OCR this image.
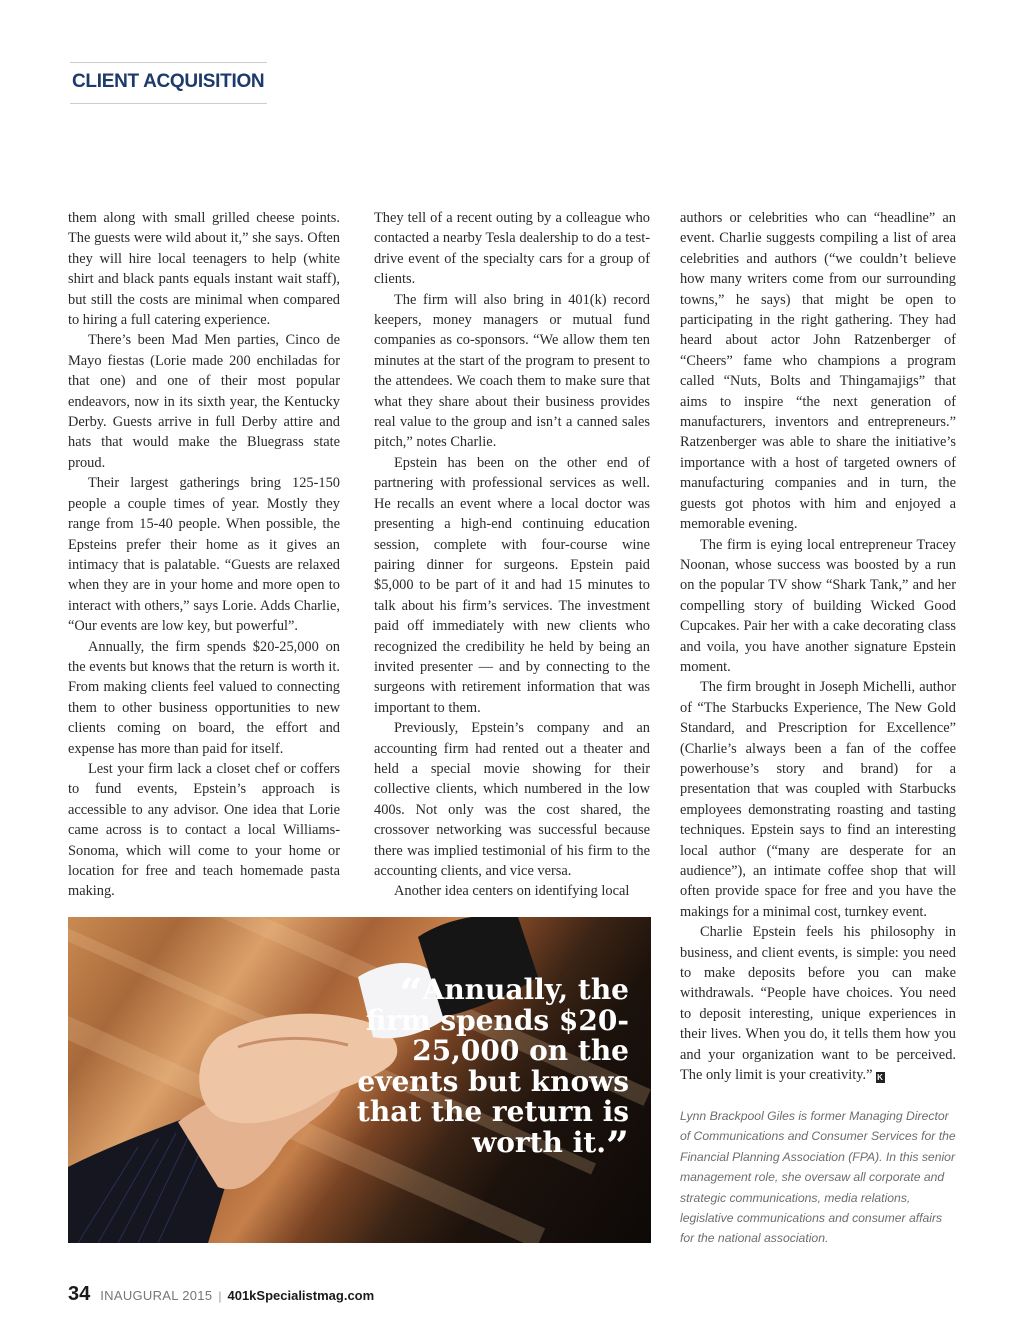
CLIENT ACQUISITION

them along with small grilled cheese points. The guests were wild about it,” she says. Often they will hire local teenagers to help (white shirt and black pants equals instant wait staff), but still the costs are minimal when compared to hiring a full catering experience.

There’s been Mad Men parties, Cinco de Mayo fiestas (Lorie made 200 enchiladas for that one) and one of their most popular endeavors, now in its sixth year, the Kentucky Derby. Guests arrive in full Derby attire and hats that would make the Bluegrass state proud.

Their largest gatherings bring 125-150 people a couple times of year. Mostly they range from 15-40 people. When possible, the Epsteins prefer their home as it gives an intimacy that is palatable. “Guests are relaxed when they are in your home and more open to interact with others,” says Lorie. Adds Charlie, “Our events are low key, but powerful”.

Annually, the firm spends $20-25,000 on the events but knows that the return is worth it. From making clients feel valued to connecting them to other business opportunities to new clients coming on board, the effort and expense has more than paid for itself.

Lest your firm lack a closet chef or coffers to fund events, Epstein’s approach is accessible to any advisor. One idea that Lorie came across is to contact a local Williams-Sonoma, which will come to your home or location for free and teach homemade pasta making.

They tell of a recent outing by a colleague who contacted a nearby Tesla dealership to do a test-drive event of the specialty cars for a group of clients.

The firm will also bring in 401(k) record keepers, money managers or mutual fund companies as co-sponsors. “We allow them ten minutes at the start of the program to present to the attendees. We coach them to make sure that what they share about their business provides real value to the group and isn’t a canned sales pitch,” notes Charlie.

Epstein has been on the other end of partnering with professional services as well. He recalls an event where a local doctor was presenting a high-end continuing education session, complete with four-course wine pairing dinner for surgeons. Epstein paid $5,000 to be part of it and had 15 minutes to talk about his firm’s services. The investment paid off immediately with new clients who recognized the credibility he held by being an invited presenter — and by connecting to the surgeons with retirement information that was important to them.

Previously, Epstein’s company and an accounting firm had rented out a theater and held a special movie showing for their collective clients, which numbered in the low 400s. Not only was the cost shared, the crossover networking was successful because there was implied testimonial of his firm to the accounting clients, and vice versa.

Another idea centers on identifying local

authors or celebrities who can “headline” an event. Charlie suggests compiling a list of area celebrities and authors (“we couldn’t believe how many writers come from our surrounding towns,” he says) that might be open to participating in the right gathering. They had heard about actor John Ratzenberger of “Cheers” fame who champions a program called “Nuts, Bolts and Thingamajigs” that aims to inspire “the next generation of manufacturers, inventors and entrepreneurs.” Ratzenberger was able to share the initiative’s importance with a host of targeted owners of manufacturing companies and in turn, the guests got photos with him and enjoyed a memorable evening.

The firm is eying local entrepreneur Tracey Noonan, whose success was boosted by a run on the popular TV show “Shark Tank,” and her compelling story of building Wicked Good Cupcakes. Pair her with a cake decorating class and voila, you have another signature Epstein moment.

The firm brought in Joseph Michelli, author of “The Starbucks Experience, The New Gold Standard, and Prescription for Excellence” (Charlie’s always been a fan of the coffee powerhouse’s story and brand) for a presentation that was coupled with Starbucks employees demonstrating roasting and tasting techniques. Epstein says to find an interesting local author (“many are desperate for an audience”), an intimate coffee shop that will often provide space for free and you have the makings for a minimal cost, turnkey event.

Charlie Epstein feels his philosophy in business, and client events, is simple: you need to make deposits before you can make withdrawals. “People have choices. You need to deposit interesting, unique experiences in their lives. When you do, it tells them how you and your organization want to be perceived. The only limit is your creativity.” K

Lynn Brackpool Giles is former Managing Director of Communications and Consumer Services for the Financial Planning Association (FPA). In this senior management role, she oversaw all corporate and strategic communications, media relations, legislative communications and consumer affairs for the national association.

“Annually, the firm spends $20-25,000 on the events but knows that the return is worth it.”

34 INAUGURAL 2015 | 401kSpecialistmag.com
